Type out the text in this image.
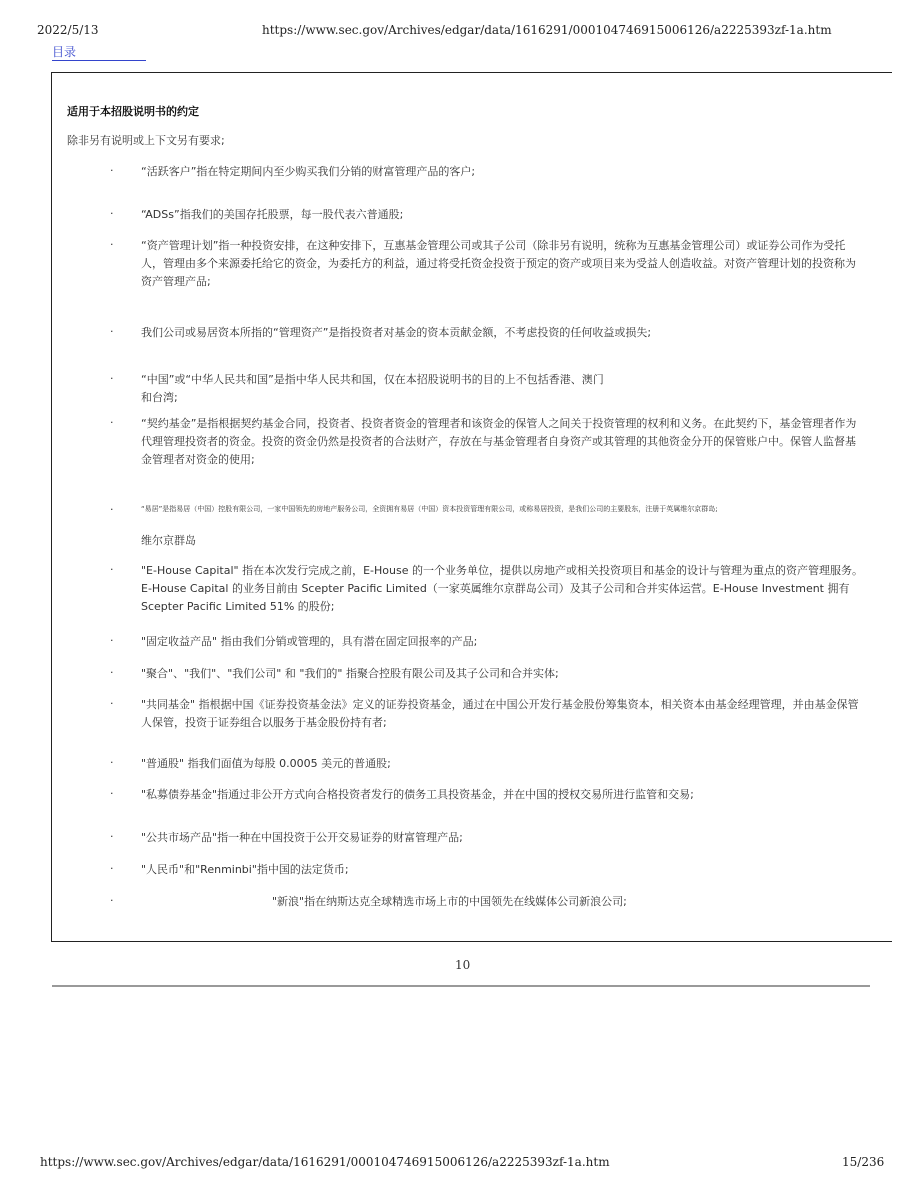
2022/5/13	https://www.sec.gov/Archives/edgar/data/1616291/000104746915006126/a2225393zf-1a.htm
目录
适用于本招股说明书的约定
除非另有说明或上下文另有要求;
·	“活跃客户”指在特定期间内至少购买我们分销的财富管理产品的客户;
·	“ADSs”指我们的美国存托股票，每一股代表六普通股;
·	“资产管理计划”指一种投资安排，在这种安排下，互惠基金管理公司或其子公司（除非另有说明，统称为互惠基金管理公司）或证券公司作为受托人，管理由多个来源委托给它的资金，为委托方的利益，通过将受托资金投资于预定的资产或项目来为受益人创造收益。对资产管理计划的投资称为资产管理产品;
·	我们公司或易居资本所指的“管理资产”是指投资者对基金的资本贡献金额，不考虑投资的任何收益或损失;
·	“中国”或“中华人民共和国”是指中华人民共和国，仅在本招股说明书的目的上不包括香港、澳门
和台湾;
·	“契约基金”是指根据契约基金合同，投资者、投资者资金的管理者和该资金的保管人之间关于投资管理的权利和义务。在此契约下，基金管理者作为代理管理投资者的资金。投资的资金仍然是投资者的合法财产，存放在与基金管理者自身资产或其管理的其他资金分开的保管账户中。保管人监督基金管理者对资金的使用;
·	“易居”是指易居（中国）控股有限公司，一家中国领先的房地产服务公司，全资拥有易居（中国）资本投资管理有限公司，或称易居投资，是我们公司的主要股东，注册于英属维尔京群岛;
维尔京群岛
·	"E-House Capital" 指在本次发行完成之前，E-House 的一个业务单位，提供以房地产或相关投资项目和基金的设计与管理为重点的资产管理服务。E-House Capital 的业务目前由 Scepter Pacific Limited（一家英属维尔京群岛公司）及其子公司和合并实体运营。E-House Investment 拥有 Scepter Pacific Limited 51% 的股份;
·	"固定收益产品" 指由我们分销或管理的，具有潜在固定回报率的产品;
·	"聚合"、"我们"、"我们公司" 和 "我们的" 指聚合控股有限公司及其子公司和合并实体;
·	"共同基金" 指根据中国《证券投资基金法》定义的证券投资基金，通过在中国公开发行基金股份筹集资本，相关资本由基金经理管理，并由基金保管人保管，投资于证券组合以服务于基金股份持有者;
·	"普通股" 指我们面值为每股 0.0005 美元的普通股;
·	"私募债券基金"指通过非公开方式向合格投资者发行的债务工具投资基金，并在中国的授权交易所进行监管和交易;
·	"公共市场产品"指一种在中国投资于公开交易证券的财富管理产品;
·	"人民币"和"Renminbi"指中国的法定货币;
·	"新浪"指在纳斯达克全球精选市场上市的中国领先在线媒体公司新浪公司;
10
https://www.sec.gov/Archives/edgar/data/1616291/000104746915006126/a2225393zf-1a.htm	15/236
